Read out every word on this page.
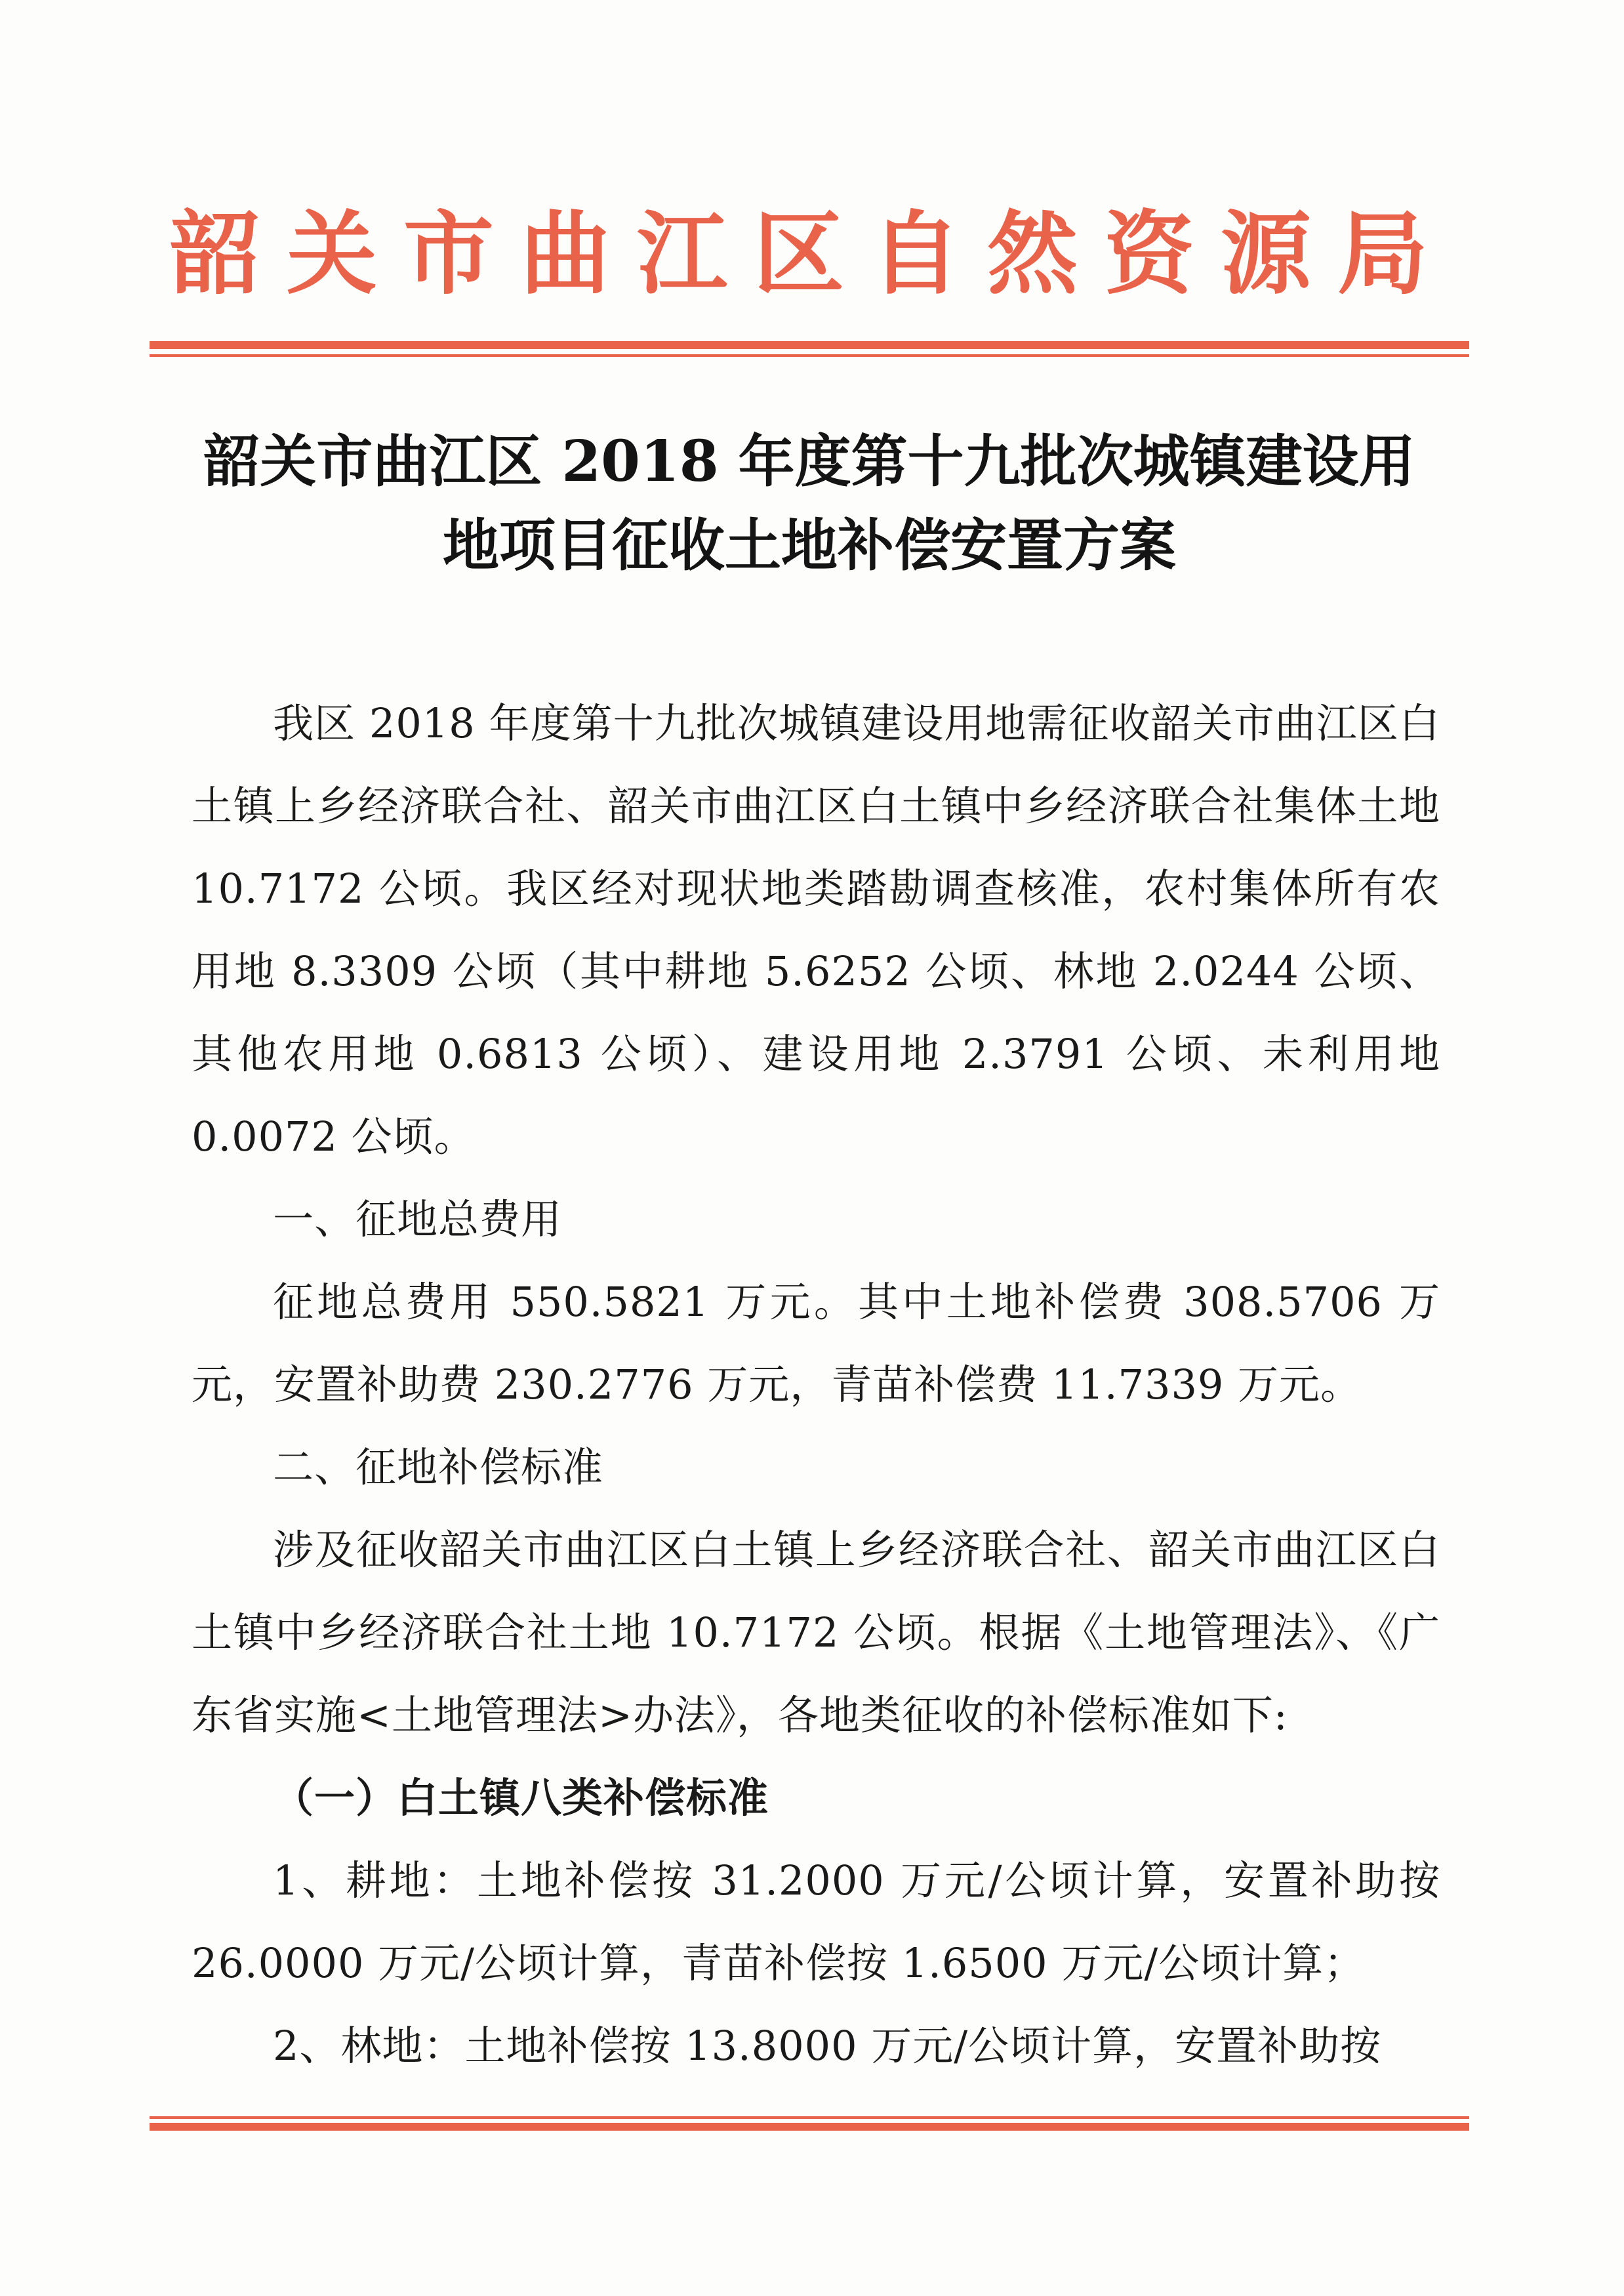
韶关市曲江区自然资源局
韶关市曲江区 2018 年度第十九批次城镇建设用
地项目征收土地补偿安置方案

我区 2018 年度第十九批次城镇建设用地需征收韶关市曲江区白土镇上乡经济联合社、韶关市曲江区白土镇中乡经济联合社集体土地 10.7172 公顷。我区经对现状地类踏勘调查核准，农村集体所有农用地 8.3309 公顷（其中耕地 5.6252 公顷、林地 2.0244 公顷、其他农用地 0.6813 公顷）、建设用地 2.3791 公顷、未利用地 0.0072 公顷。

一、征地总费用

征地总费用 550.5821 万元。其中土地补偿费 308.5706 万元，安置补助费 230.2776 万元，青苗补偿费 11.7339 万元。

二、征地补偿标准

涉及征收韶关市曲江区白土镇上乡经济联合社、韶关市曲江区白土镇中乡经济联合社土地 10.7172 公顷。根据《土地管理法》、《广东省实施<土地管理法>办法》，各地类征收的补偿标准如下:

（一）白土镇八类补偿标准

1、耕地：土地补偿按 31.2000 万元/公顷计算，安置补助按 26.0000 万元/公顷计算，青苗补偿按 1.6500 万元/公顷计算；

2、林地：土地补偿按 13.8000 万元/公顷计算，安置补助按
